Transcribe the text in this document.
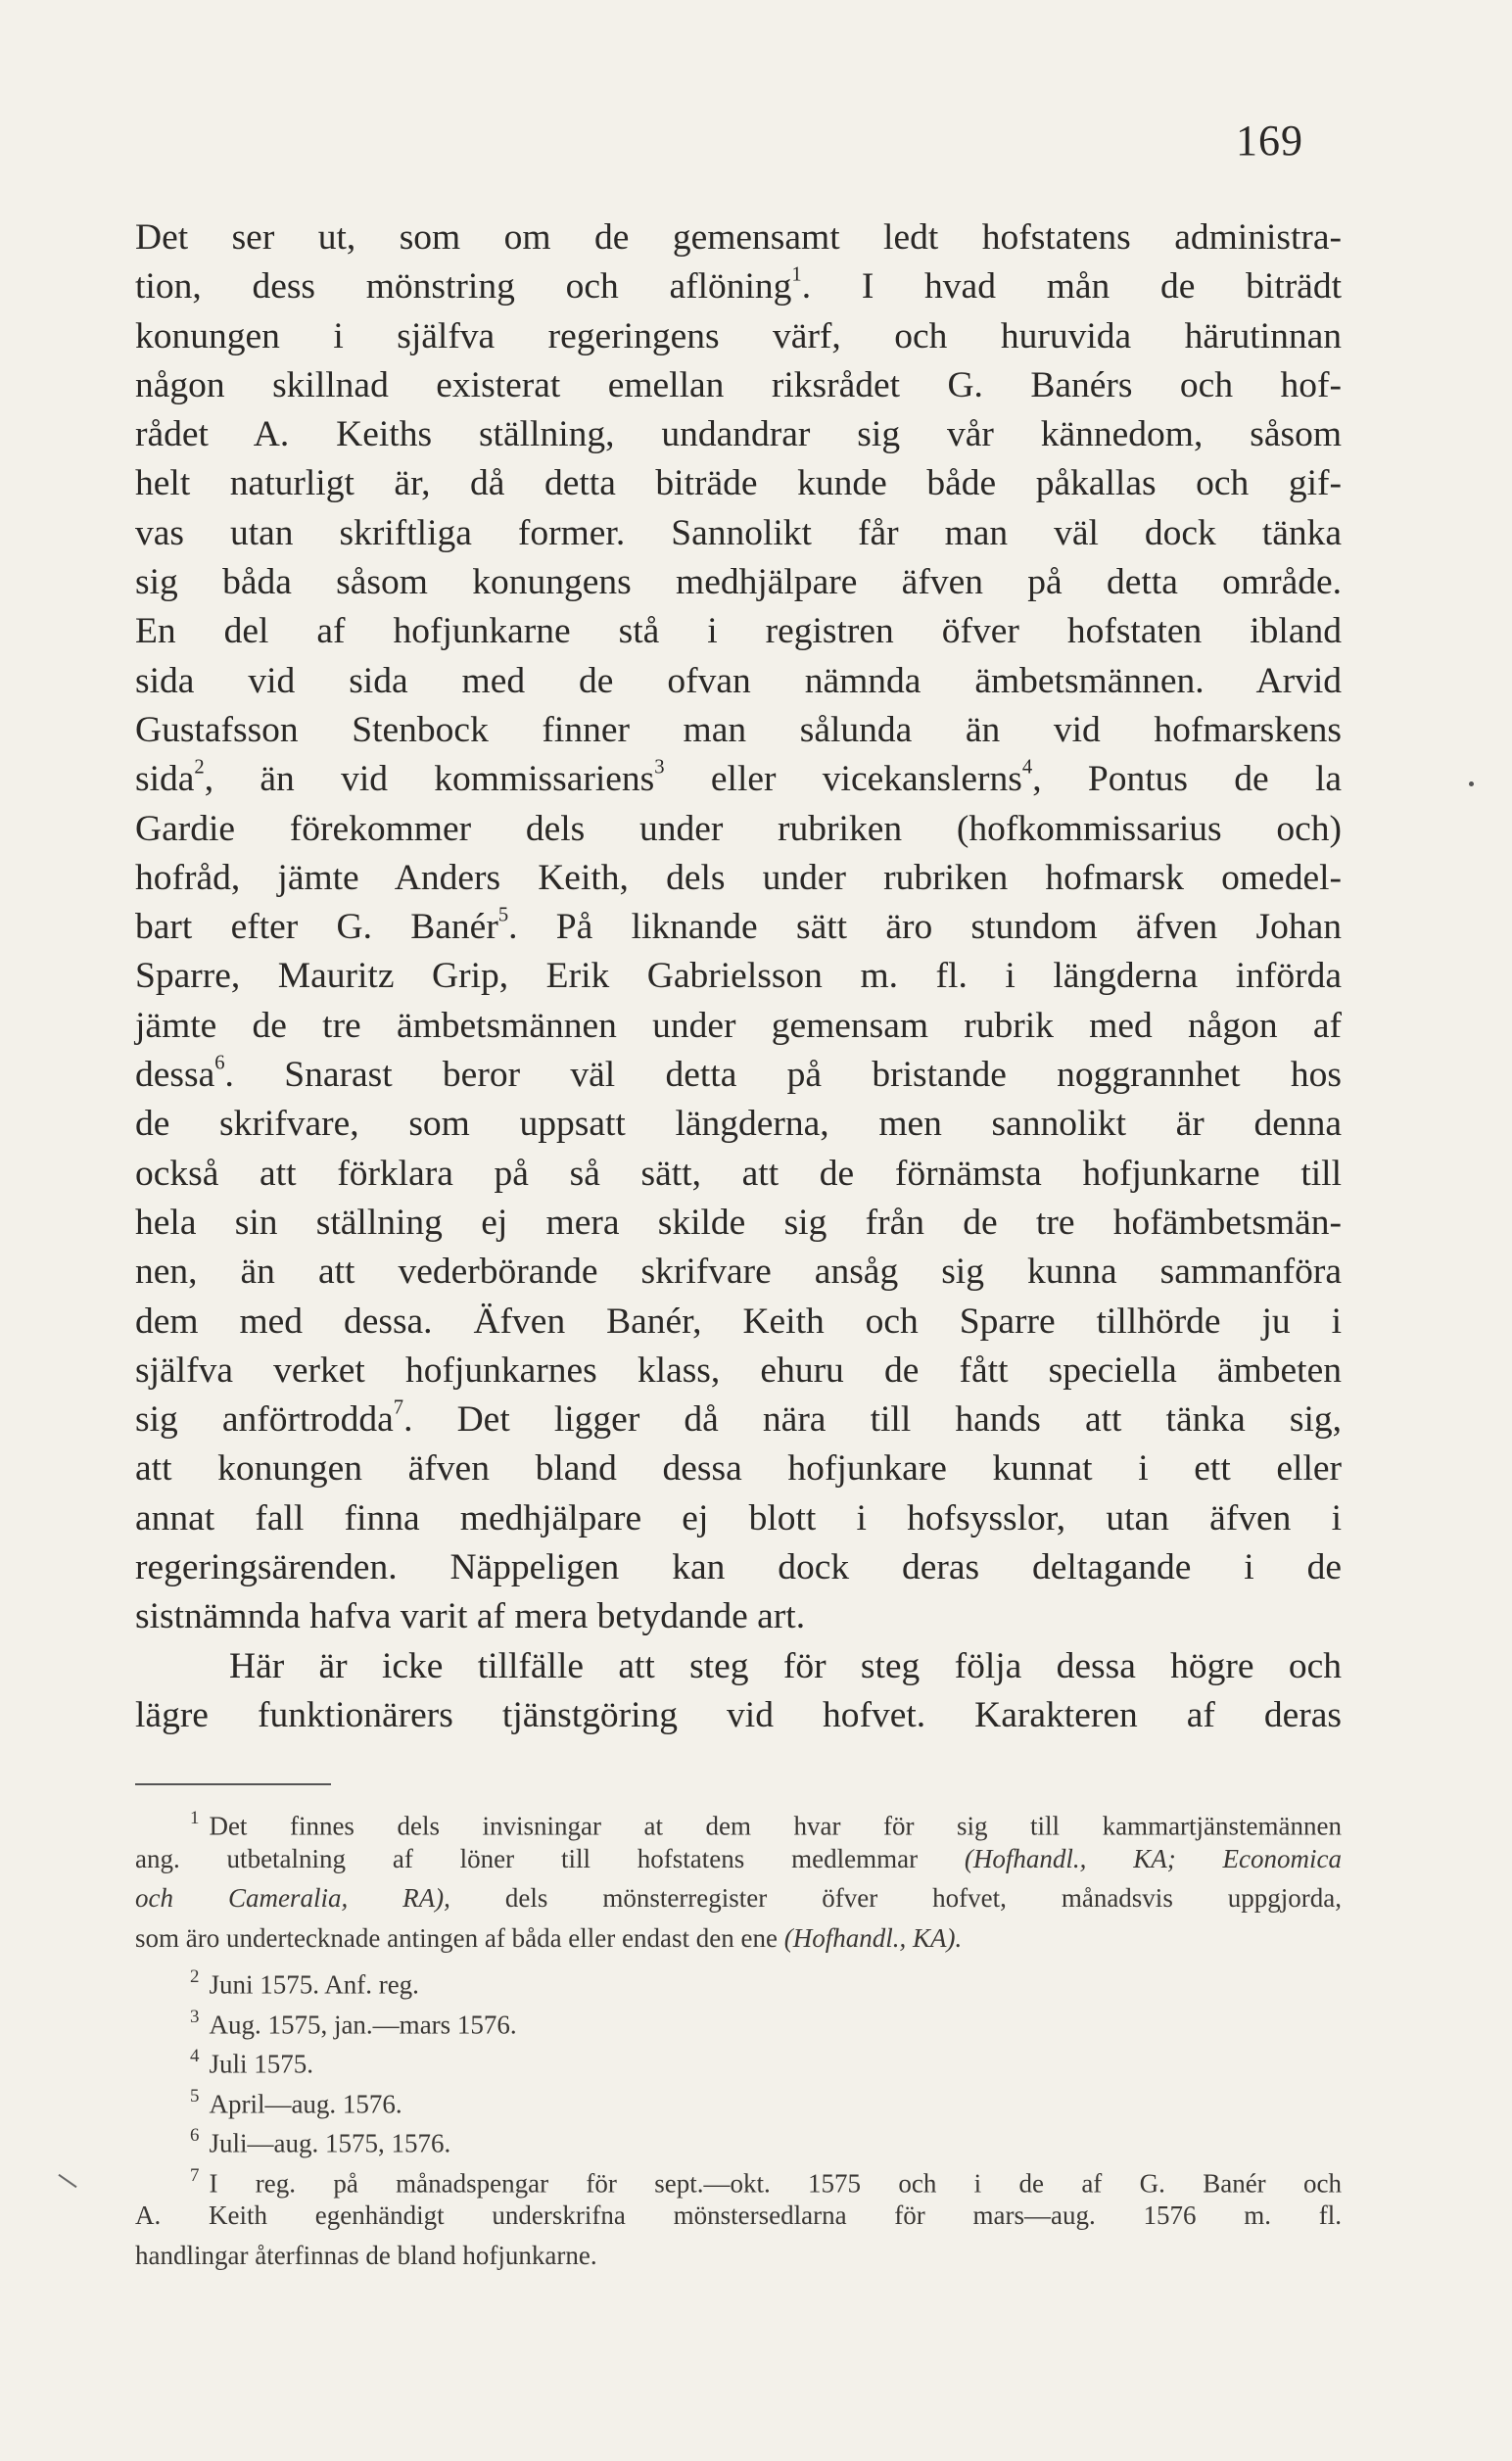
169

Det ser ut, som om de gemensamt ledt hofstatens administra-
tion, dess mönstring och aflöning$^1$. I hvad mån de biträdt
konungen i själfva regeringens värf, och huruvida härutinnan
någon skillnad existerat emellan riksrådet G. Banérs och hof-
rådet A. Keiths ställning, undandrar sig vår kännedom, såsom
helt naturligt är, då detta biträde kunde både påkallas och gif-
vas utan skriftliga former. Sannolikt får man väl dock tänka
sig båda såsom konungens medhjälpare äfven på detta område.
En del af hofjunkarne stå i registren öfver hofstaten ibland
sida vid sida med de ofvan nämnda ämbetsmännen. Arvid
Gustafsson Stenbock finner man sålunda än vid hofmarskens
sida$^2$, än vid kommissariens$^3$ eller vicekanslerns$^4$, Pontus de la
Gardie förekommer dels under rubriken (hofkommissarius och)
hofråd, jämte Anders Keith, dels under rubriken hofmarsk omedel-
bart efter G. Banér$^5$. På liknande sätt äro stundom äfven Johan
Sparre, Mauritz Grip, Erik Gabrielsson m. fl. i längderna införda
jämte de tre ämbetsmännen under gemensam rubrik med någon af
dessa$^6$. Snarast beror väl detta på bristande noggrannhet hos
de skrifvare, som uppsatt längderna, men sannolikt är denna
också att förklara på så sätt, att de förnämsta hofjunkarne till
hela sin ställning ej mera skilde sig från de tre hofämbetsmän-
nen, än att vederbörande skrifvare ansåg sig kunna sammanföra
dem med dessa. Äfven Banér, Keith och Sparre tillhörde ju i
själfva verket hofjunkarnes klass, ehuru de fått speciella ämbeten
sig anförtrodda$^7$. Det ligger då nära till hands att tänka sig,
att konungen äfven bland dessa hofjunkare kunnat i ett eller
annat fall finna medhjälpare ej blott i hofsysslor, utan äfven i
regeringsärenden. Näppeligen kan dock deras deltagande i de
sistnämnda hafva varit af mera betydande art.

Här är icke tillfälle att steg för steg följa dessa högre och
lägre funktionärers tjänstgöring vid hofvet. Karakteren af deras

$^1$ Det finnes dels invisningar at dem hvar för sig till kammartjänstemännen
ang. utbetalning af löner till hofstatens medlemmar (Hofhandl., KA; Economica
och Cameralia, RA), dels mönsterregister öfver hofvet, månadsvis uppgjorda,
som äro undertecknade antingen af båda eller endast den ene (Hofhandl., KA).
$^2$ Juni 1575. Anf. reg.
$^3$ Aug. 1575, jan.—mars 1576.
$^4$ Juli 1575.
$^5$ April—aug. 1576.
$^6$ Juli—aug. 1575, 1576.
$^7$ I reg. på månadspengar för sept.—okt. 1575 och i de af G. Banér och
A. Keith egenhändigt underskrifna mönstersedlarna för mars—aug. 1576 m. fl.
handlingar återfinnas de bland hofjunkarne.
